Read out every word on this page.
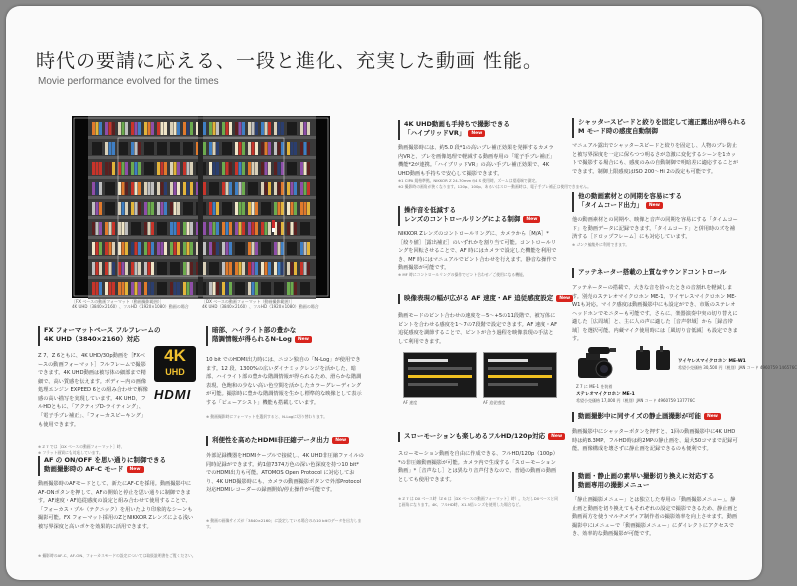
時代の要請に応える、一段と進化、充実した動画 性能。
Movie performance evolved for the times
［FX ベースの動画フォーマット（動画撮影範囲）］
4K UHD（3840×2160）、フルHD（1920×1080）動画の場合
［DX ベースの動画フォーマット（動画撮影範囲）］
4K UHD（3840×2160）、フルHD（1920×1080）動画の場合
FX フォーマットベース フルフレームの
4K UHD（3840×2160）対応
Z 7、Z 6ともに、4K UHD/30p動画を［FXベースの動画フォーマット］フルフレームで撮影できます。4K UHD動画は被写体の細部まで精細で、高い質感を伝えます。ボディー内の画像処理エンジン EXPEED 6との組み合わせで解像感の高い描写を実現しています。4K UHD、フルHDともに、「アクティブD-ライティング」、「電子手ブレ補正」、「フォーカスピーキング」も使用できます。
※ Z 7 では［DX ベースの動画フォーマット］時、
※ フラット画質にも対応しています。
4K
UHD
HDMI
AF の ON/OFF を思い通りに制御できる
動画撮影時の AF-C モード New
動画撮影時のAFモードとして、新たにAF-Cを採用。動画撮影中にAF-ONボタンを押して、AFの開始と停止を思い通りに制御できます。AF速度・AF追従感度の設定と組み合わせて使用することで、「フォーカス・プル（テクニック）を用いたより印象的なシーンも撮影可能。FX フォーマット採用のZとNIKKOR Zレンズによる浅い被写界深度と高いボケを効果的に活用できます。
※ 撮影時のAF-C、AF-ON、フォーカスモードの設定については取扱説明書をご覧ください。
暗部、ハイライト部の豊かな
階調情報が得られるN-Log New
10 bit でのHDMI出力時には、ニコン独自の「N-Log」が使用できます。12 段、1300%の広いダイナミックレンジを活かした、暗部、ハイライト部の豊かな階調情報が得られるため、滑らかな階調表現、色飽和の少ない高い色空間を活かしたカラーグレーディングが可能。撮影時に豊かな階調情報を生かし標準的な映像として表示する「ビューアシスト」機能も搭載しています。
※ 動画撮影時にフォーマットを選択すると、N-Logに切り替わります。
利便性を高めたHDMI非圧縮データ出力 New
外部記録機器をHDMIケーブルで接続し、4K UHD非圧縮ファイルの同時記録ができます。約1億7374万色の深い色深度を持つ10 bit*でのHDMI出力も可能。ATOMOS Open Protocol に対応しており、4K UHD撮影時にも、カメラの動画撮影ボタンで外部Protocol対応HDMIレコーダーの録画開始/停止操作が可能です。
※ 動画の画像サイズが「3840×2160」に設定している場合のみ10 bitのデータを出力します。
4K UHD動画も手持ちで撮影できる
「ハイブリッドVR」 New
動画撮影時には、約5.0 段*1の高いブレ補正効果を発揮するカメラ内VRと、ブレを画像処理で軽減する動画専用の「電子手ブレ補正」機能*2が連携。「ハイブリッドVR」の高い手ブレ補正効果で、4K UHD動画も手持ちで安心して撮影できます。
※1 CIPA 規格準拠。NIKKOR Z 24-70mm f/4 S 使用時。ズームは望遠端で測定。
※2 撮影時の画角が狭くなります。120p、100p、あるいはスロー動画時は、電子手ブレ補正は使用できません。
操作音を低減する
レンズのコントロールリングによる制御 New
NIKKOR Zレンズのコントロールリングに、カメラから［M/A］*［絞り値］［露出補正］のいずれかを割り当て可能。コントロールリングを回転させることで、AF 時にはカメラで設定した機能を利用でき、MF 時にはマニュアルでピント合わせを行えます。静音な操作で動画撮影が可能です。
※ MF 時にコントロールリングの操作でピント合わせ／ご使用になる機能。
映像表現の幅が広がる AF 速度・AF 追従感度設定 New
動画モードのピント合わせの速度を－5～+5の11段階で、被写体にピントを合わせる感度を1～7の7段階で設定できます。AF 速度・AF追従感度を調節することで、ピントが合う過程を映像表現の手法として利用できます。
AF 速度	AF 追従感度
スローモーションも楽しめるフルHD/120p対応 New
スローモーション動画を自由に作成できる、フルHD/120p（100p）*の非圧縮動画撮影が可能。カメラ内で生成する「スローモーション動画」*［音声なし］とは異なり音声付きなので、普通の動画の動画としても使用できます。
※ Z 7 は DX ベース時（Z 6 は［DX ベースの動画フォーマット］時）。ただしDXベースと同じ画角になります。4K、フルHD時、X1.5倍レンズを使用した場合など。
シャッタースピードと絞りを固定して適正露出が得られる
M モード時の感度自動制御
マニュアル露出でシャッタースピードと絞りを固定し、人物のブレ防止と被写界深度を一定に保ちつつ明るさが急激に変化するシーンを1カットで撮影する場合にも、感度のみの自動制御で明暗差に適応することができます。制御上限感度はISO 200～Hi 2の設定も可能です。
他の動画素材との同期を容易にする
「タイムコード出力」 New
他の動画素材との同期や、映像と音声の同期を容易にする「タイムコード」を動画データに記録できます。「タイムコード」と併用時のズを補済する［ドロップフレーム］にも対応しています。
※ ゴンク編集外に利用できます。
アッテネーター搭載の上質なサウンドコントロール
アッテネーターの搭載で、大きな音を拾ったときの音割れを軽減します。別売のステレオマイクロホン ME-1、ワイヤレスマイクロホン ME-W1も対応。マイク感度は動画撮影中にも設定ができ、市販のステレオヘッドホンでモニターも可能です。さらに、楽器演奏中突の切り替えに適した［広周域］と、主に人の声に適した［音声帯域］から［録音帯域］を選択可能。内蔵マイク使用時には［風切り音低減］も設定できます。
Z 7 に ME-1 を装着
ステレオマイクロホン ME-1
希望小売価格 17,000 円（税別）JAN コード 4960759 137776C
ワイヤレスマイクロホン ME-W1
希望小売価格 30,500 円（税別）JAN コード 4960759 146576C
動画撮影中に同サイズの静止画撮影が可能 New
動画撮影中にシャッターボタンを押すと、1回の動画撮影中に4K UHD時は約8.3MP、フルHD時は約2MPの静止画を、最大50コマまで記録可能。画像構成を壊さずに静止画を記録できるのも便利です。
動画・静止画の素早い撮影切り換えに対応する
動画専用の撮影メニュー
「静止画撮影メニュー」とは独立した専用の「動画撮影メニュー」。静止画と動画を切り換えてもそれぞれの設定で撮影できるため、静止画と動画両方を使うマルチメディア制作者の撮影効率を向上させます。動画撮影中にiメニューで「動画撮影メニュー」にダイレクトにアクセスでき、効率的な動画撮影が可能です。
